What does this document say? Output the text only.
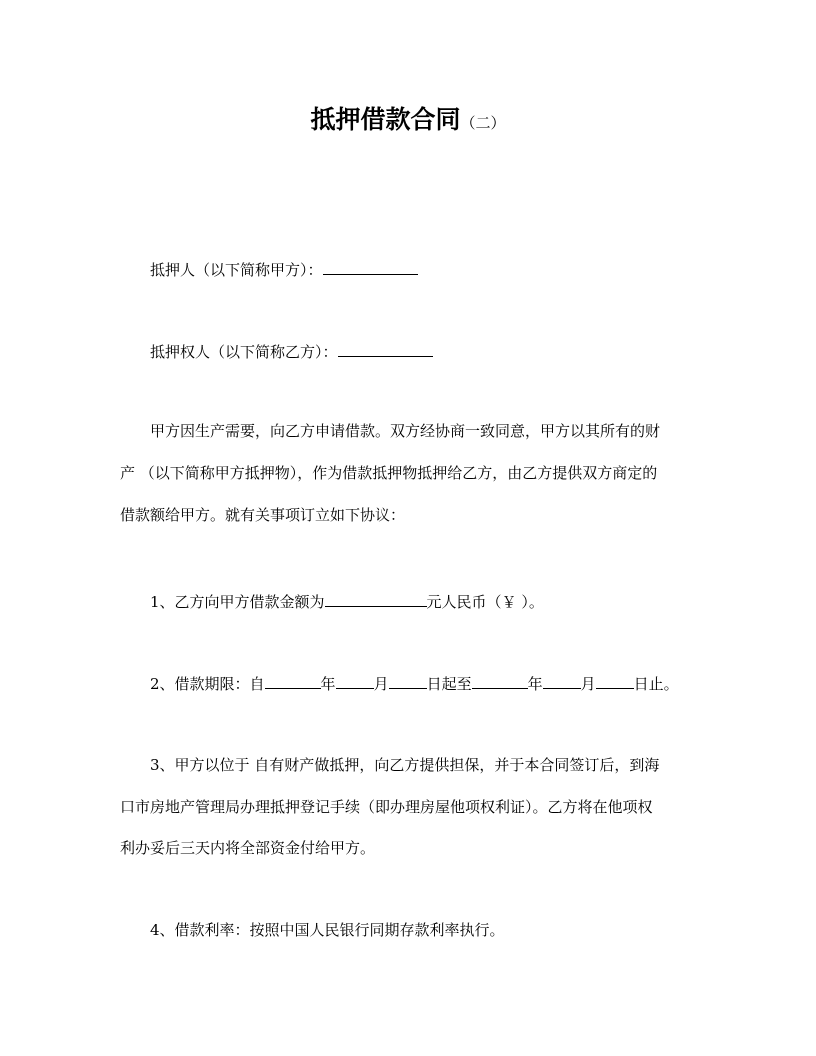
抵押借款合同（二）
抵押人（以下简称甲方）：
抵押权人（以下简称乙方）：
甲方因生产需要，向乙方申请借款。双方经协商一致同意，甲方以其所有的财
产 （以下简称甲方抵押物），作为借款抵押物抵押给乙方，由乙方提供双方商定的
借款额给甲方。就有关事项订立如下协议：
1、乙方向甲方借款金额为	元人民币（￥ ）。
2、借款期限：自	年	月	日起至	年	月	日止。
3、甲方以位于 自有财产做抵押，向乙方提供担保，并于本合同签订后，到海
口市房地产管理局办理抵押登记手续（即办理房屋他项权利证）。乙方将在他项权
利办妥后三天内将全部资金付给甲方。
4、借款利率：按照中国人民银行同期存款利率执行。
